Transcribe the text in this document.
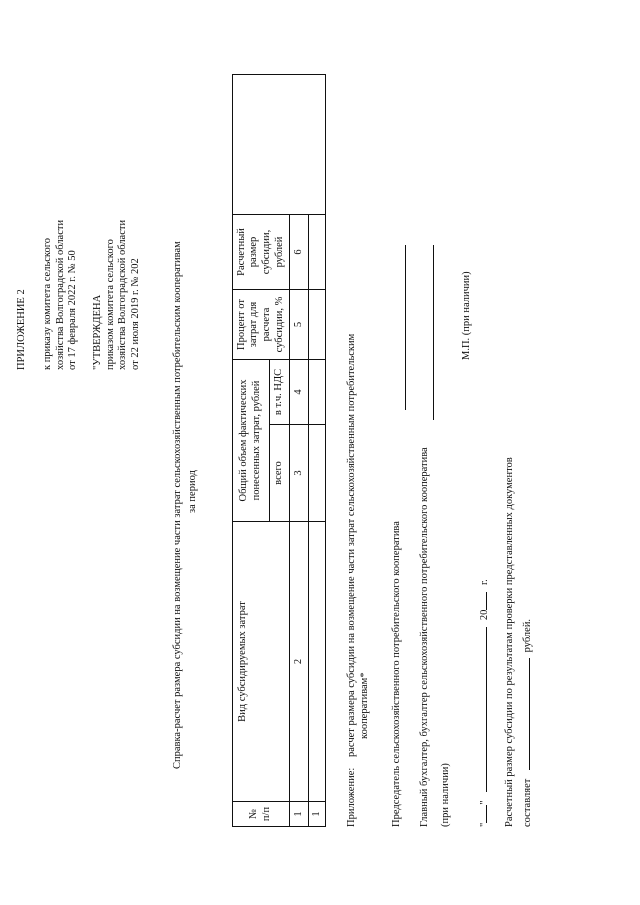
ПРИЛОЖЕНИЕ 2 к приказу комитета сельского хозяйства Волгоградской области от 17 февраля 2022 г. № 50 "УТВЕРЖДЕНА приказом комитета сельского хозяйства Волгоградской области от 22 июля 2019 г. № 202	Справка-расчет размера субсидии на возмещение части затрат сельскохозяйственным потребительским кооперативам за период
№ п/п	Вид субсидируемых затрат	Общий объем фактических понесенных затрат, рублей		Процент от затрат для расчета субсидии, %	Расчетный размер субсидии, рублей	
		всего	в т.ч. НДС			
1	2	3	4	5	6	
1						Приложение:
расчет размера субсидии на возмещение части затрат сельскохозяйственным потребительским кооперативам* Председатель сельскохозяйственного потребительского кооператива Главный бухгалтер, бухгалтер сельскохозяйственного потребительского кооператива (при наличии)
М.П. (при наличии)
""  20 г. Расчетный размер субсидии по результатам проверки представленных документов составляет  рублей.
